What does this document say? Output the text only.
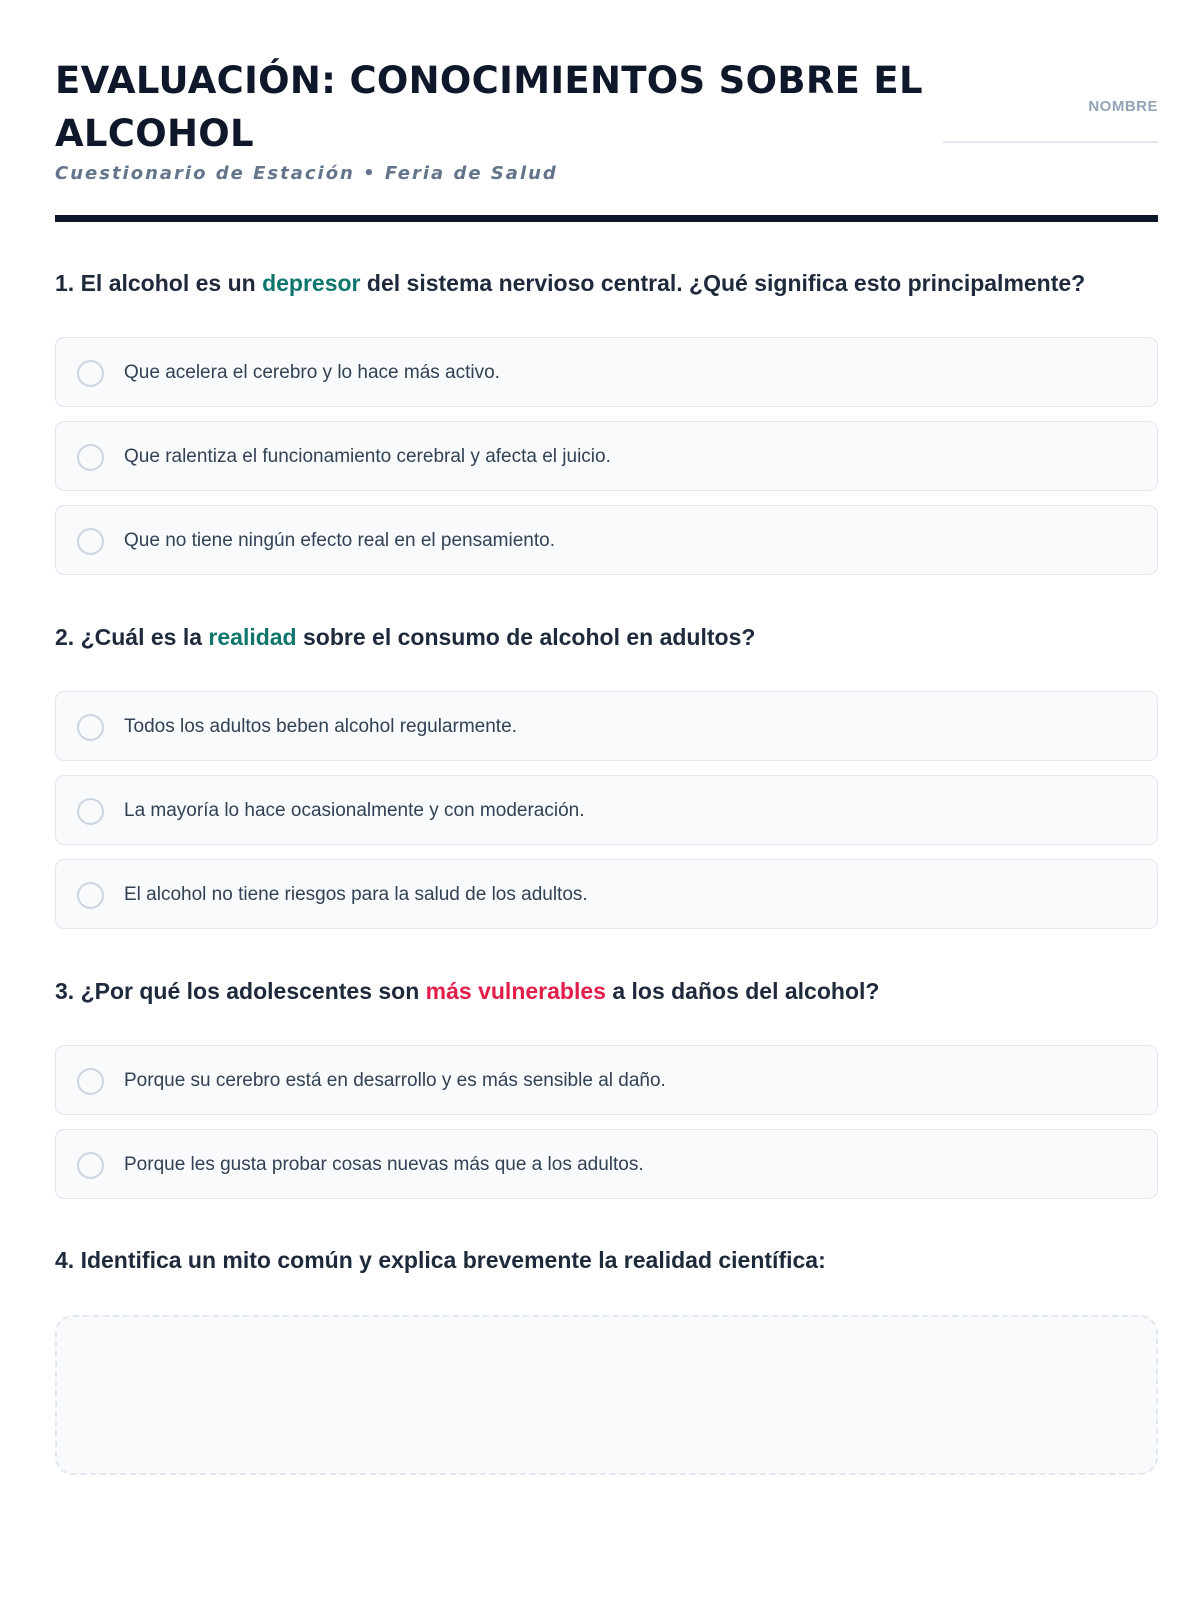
EVALUACIÓN: CONOCIMIENTOS SOBRE EL ALCOHOL
Cuestionario de Estación • Feria de Salud
NOMBRE
1. El alcohol es un depresor del sistema nervioso central. ¿Qué significa esto principalmente?
Que acelera el cerebro y lo hace más activo.
Que ralentiza el funcionamiento cerebral y afecta el juicio.
Que no tiene ningún efecto real en el pensamiento.
2. ¿Cuál es la realidad sobre el consumo de alcohol en adultos?
Todos los adultos beben alcohol regularmente.
La mayoría lo hace ocasionalmente y con moderación.
El alcohol no tiene riesgos para la salud de los adultos.
3. ¿Por qué los adolescentes son más vulnerables a los daños del alcohol?
Porque su cerebro está en desarrollo y es más sensible al daño.
Porque les gusta probar cosas nuevas más que a los adultos.
4. Identifica un mito común y explica brevemente la realidad científica:
